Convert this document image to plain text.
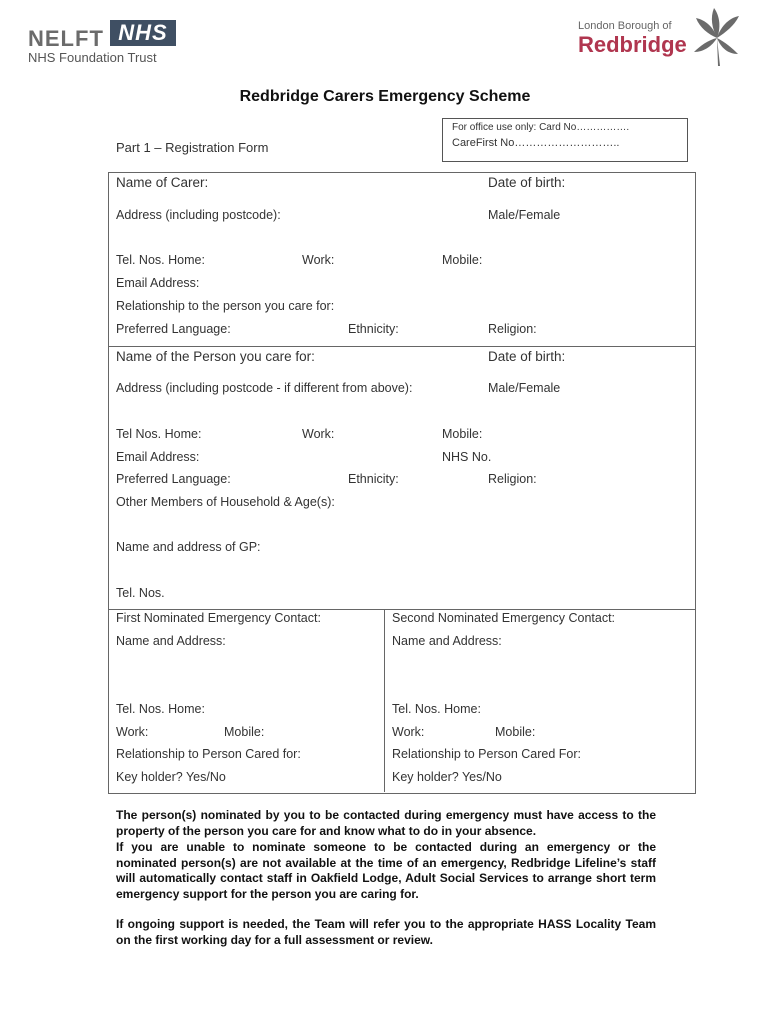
NELFT NHS
NHS Foundation Trust
London Borough of
Redbridge
Redbridge Carers Emergency Scheme
Part 1 – Registration Form
For office use only: Card No…………….
CareFirst No………………………..
Name of Carer:	Date of birth:
Address (including postcode):	Male/Female
Tel. Nos. Home:	Work:	Mobile:
Email Address:
Relationship to the person you care for:
Preferred Language:	Ethnicity:	Religion:
Name of the Person you care for:	Date of birth:
Address (including postcode - if different from above):	Male/Female
Tel Nos. Home:	Work:	Mobile:
Email Address:	NHS No.
Preferred Language:	Ethnicity:	Religion:
Other Members of Household & Age(s):
Name and address of GP:
Tel. Nos.
First Nominated Emergency Contact:
Name and Address:
Tel. Nos. Home:
Work:	Mobile:
Relationship to Person Cared for:
Key holder? Yes/No
Second Nominated Emergency Contact:
Name and Address:
Tel. Nos. Home:
Work:	Mobile:
Relationship to Person Cared For:
Key holder? Yes/No
The person(s) nominated by you to be contacted during emergency must have access to the property of the person you care for and know what to do in your absence.
If you are unable to nominate someone to be contacted during an emergency or the nominated person(s) are not available at the time of an emergency, Redbridge Lifeline’s staff will automatically contact staff in Oakfield Lodge, Adult Social Services to arrange short term emergency support for the person you are caring for.
If ongoing support is needed, the Team will refer you to the appropriate HASS Locality Team on the first working day for a full assessment or review.
